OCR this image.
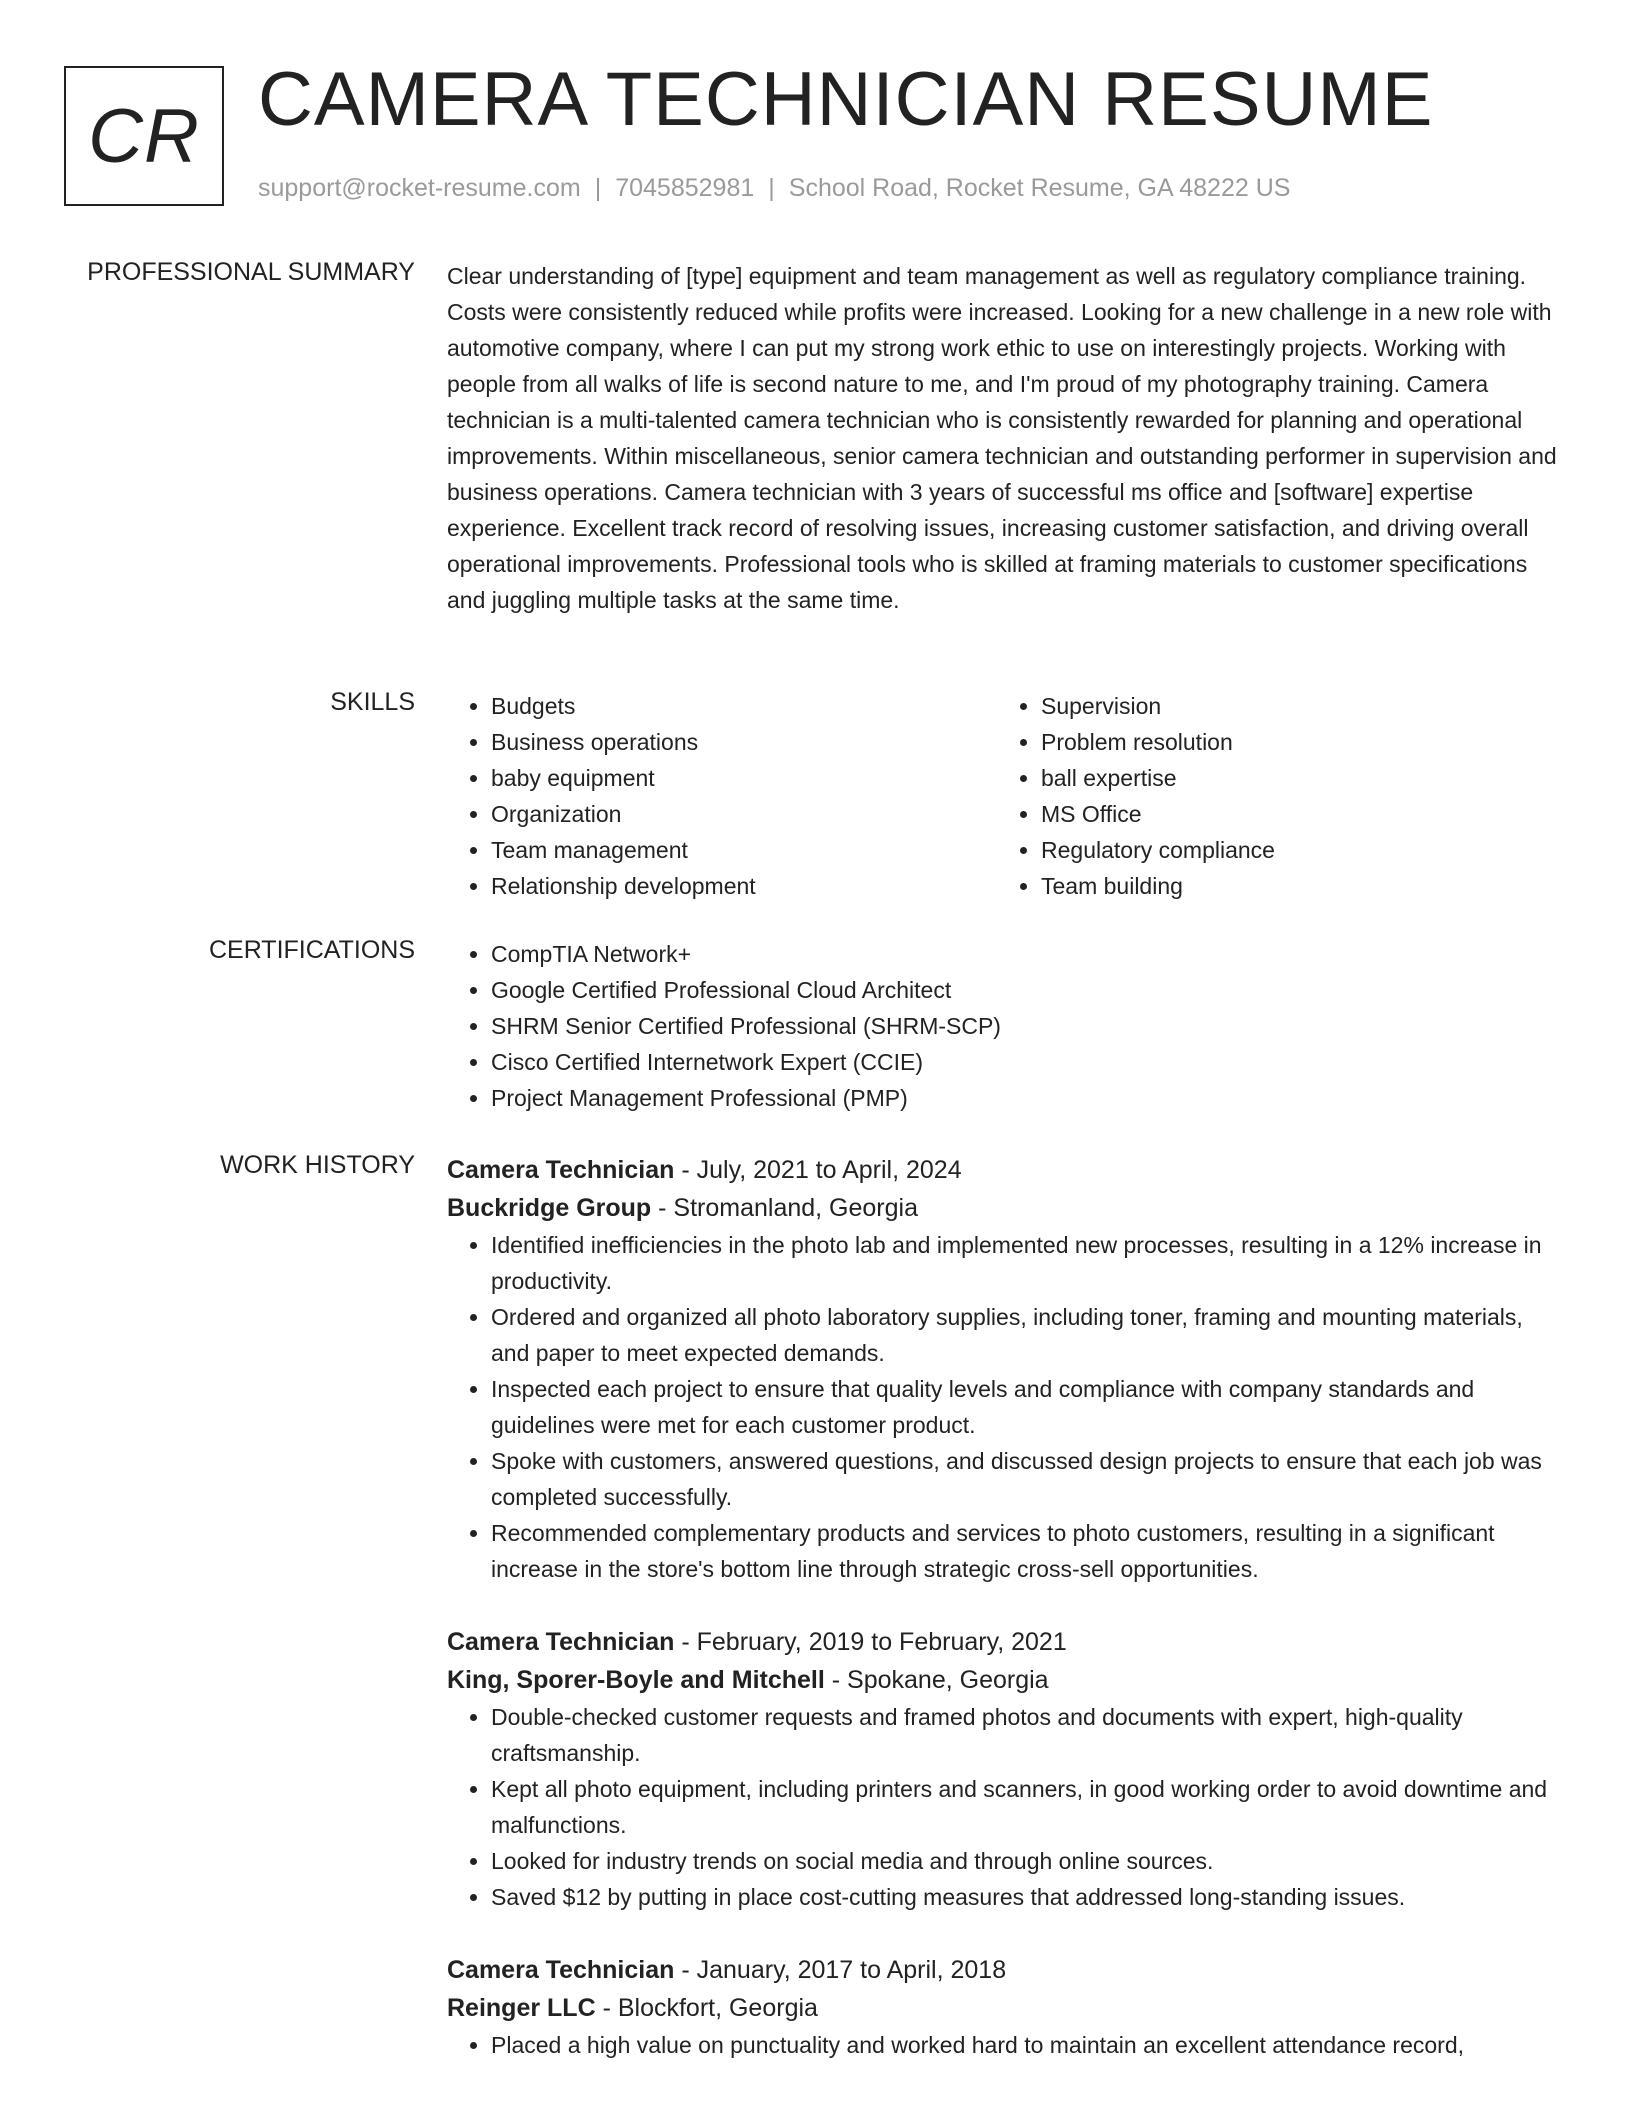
CR CAMERA TECHNICIAN RESUME
support@rocket-resume.com | 7045852981 | School Road, Rocket Resume, GA 48222 US
PROFESSIONAL SUMMARY Clear understanding of [type] equipment and team management as well as regulatory compliance training. Costs were consistently reduced while profits were increased. Looking for a new challenge in a new role with automotive company, where I can put my strong work ethic to use on interestingly projects. Working with people from all walks of life is second nature to me, and I'm proud of my photography training. Camera technician is a multi-talented camera technician who is consistently rewarded for planning and operational improvements. Within miscellaneous, senior camera technician and outstanding performer in supervision and business operations. Camera technician with 3 years of successful ms office and [software] expertise experience. Excellent track record of resolving issues, increasing customer satisfaction, and driving overall operational improvements. Professional tools who is skilled at framing materials to customer specifications and juggling multiple tasks at the same time.
SKILLS	• Budgets
• Business operations
• baby equipment
• Organization
• Team management
• Relationship development
• Supervision
• Problem resolution
• ball expertise
• MS Office
• Regulatory compliance
• Team building
CERTIFICATIONS	• CompTIA Network+
• Google Certified Professional Cloud Architect
• SHRM Senior Certified Professional (SHRM-SCP)
• Cisco Certified Internetwork Expert (CCIE)
• Project Management Professional (PMP)
WORK HISTORY Camera Technician - July, 2021 to April, 2024
Buckridge Group - Stromanland, Georgia
• Identified inefficiencies in the photo lab and implemented new processes, resulting in a 12% increase in productivity.
• Ordered and organized all photo laboratory supplies, including toner, framing and mounting materials, and paper to meet expected demands.
• Inspected each project to ensure that quality levels and compliance with company standards and guidelines were met for each customer product.
• Spoke with customers, answered questions, and discussed design projects to ensure that each job was completed successfully.
• Recommended complementary products and services to photo customers, resulting in a significant increase in the store's bottom line through strategic cross-sell opportunities.
Camera Technician - February, 2019 to February, 2021
King, Sporer-Boyle and Mitchell - Spokane, Georgia
• Double-checked customer requests and framed photos and documents with expert, high-quality craftsmanship.
• Kept all photo equipment, including printers and scanners, in good working order to avoid downtime and malfunctions.
• Looked for industry trends on social media and through online sources.
• Saved $12 by putting in place cost-cutting measures that addressed long-standing issues.
Camera Technician - January, 2017 to April, 2018
Reinger LLC - Blockfort, Georgia
• Placed a high value on punctuality and worked hard to maintain an excellent attendance record,
